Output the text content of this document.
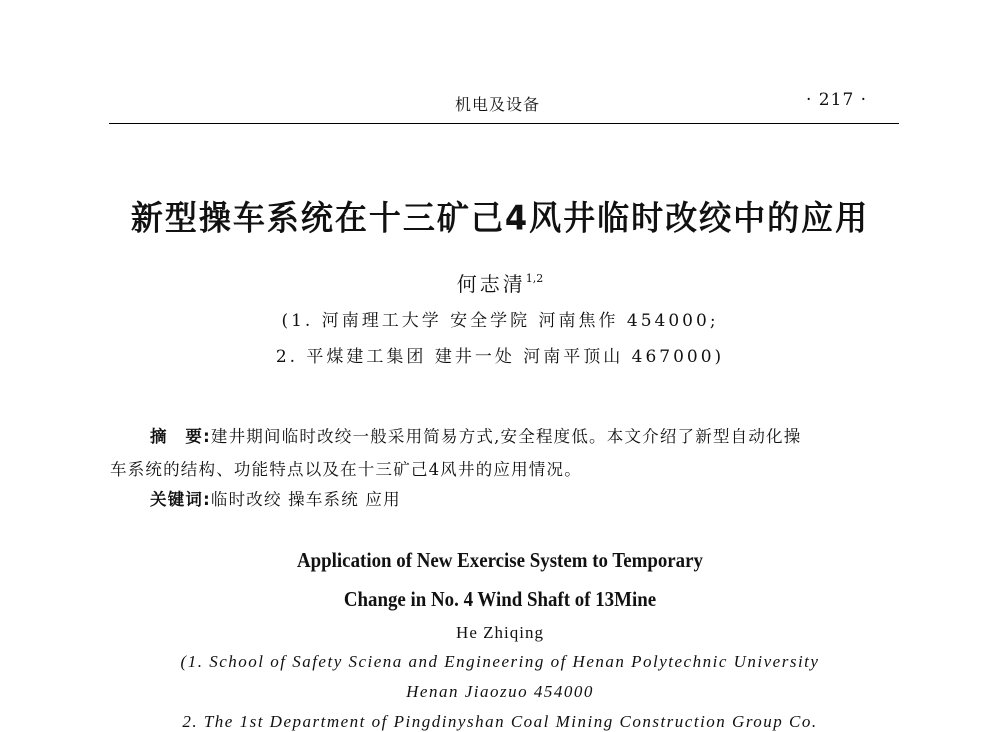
机电及设备	· 217 ·
新型操车系统在十三矿己4风井临时改绞中的应用
何志清$^{1,2}$
(1. 河南理工大学 安全学院 河南焦作 454000;
2. 平煤建工集团 建井一处 河南平顶山 467000)
摘　要:建井期间临时改绞一般采用简易方式,安全程度低。本文介绍了新型自动化操
车系统的结构、功能特点以及在十三矿己4风井的应用情况。
关键词:临时改绞 操车系统 应用
Application of New Exercise System to Temporary
Change in No. 4 Wind Shaft of 13Mine
He Zhiqing
(1. School of Safety Sciena and Engineering of Henan Polytechnic University
Henan Jiaozuo 454000
2. The 1st Department of Pingdinyshan Coal Mining Construction Group Co.
